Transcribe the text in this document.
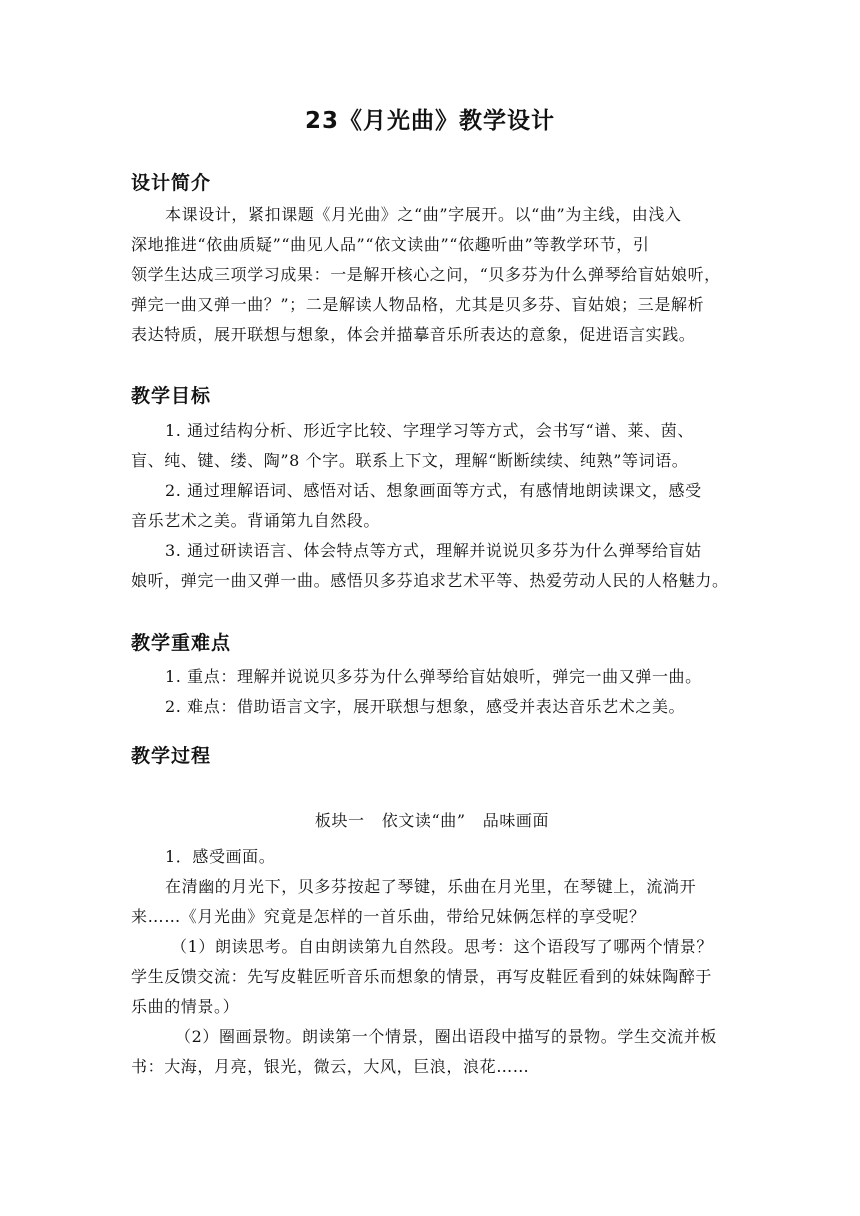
23《月光曲》教学设计
设计简介
本课设计，紧扣课题《月光曲》之“曲”字展开。以“曲”为主线，由浅入
深地推进“依曲质疑”“曲见人品”“依文读曲”“依趣听曲”等教学环节，引
领学生达成三项学习成果：一是解开核心之问，“贝多芬为什么弹琴给盲姑娘听，
弹完一曲又弹一曲？”；二是解读人物品格，尤其是贝多芬、盲姑娘；三是解析
表达特质，展开联想与想象，体会并描摹音乐所表达的意象，促进语言实践。
教学目标
1. 通过结构分析、形近字比较、字理学习等方式，会书写“谱、莱、茵、
盲、纯、键、缕、陶”8 个字。联系上下文，理解“断断续续、纯熟”等词语。
2. 通过理解语词、感悟对话、想象画面等方式，有感情地朗读课文，感受
音乐艺术之美。背诵第九自然段。
3. 通过研读语言、体会特点等方式，理解并说说贝多芬为什么弹琴给盲姑
娘听，弹完一曲又弹一曲。感悟贝多芬追求艺术平等、热爱劳动人民的人格魅力。
教学重难点
1. 重点：理解并说说贝多芬为什么弹琴给盲姑娘听，弹完一曲又弹一曲。
2. 难点：借助语言文字，展开联想与想象，感受并表达音乐艺术之美。
教学过程
板块一   依文读“曲”   品味画面
1．感受画面。
在清幽的月光下，贝多芬按起了琴键，乐曲在月光里，在琴键上，流淌开
来……《月光曲》究竟是怎样的一首乐曲，带给兄妹俩怎样的享受呢？
（1）朗读思考。自由朗读第九自然段。思考：这个语段写了哪两个情景？
学生反馈交流：先写皮鞋匠听音乐而想象的情景，再写皮鞋匠看到的妹妹陶醉于
乐曲的情景。）
（2）圈画景物。朗读第一个情景，圈出语段中描写的景物。学生交流并板
书：大海，月亮，银光，微云，大风，巨浪，浪花……
